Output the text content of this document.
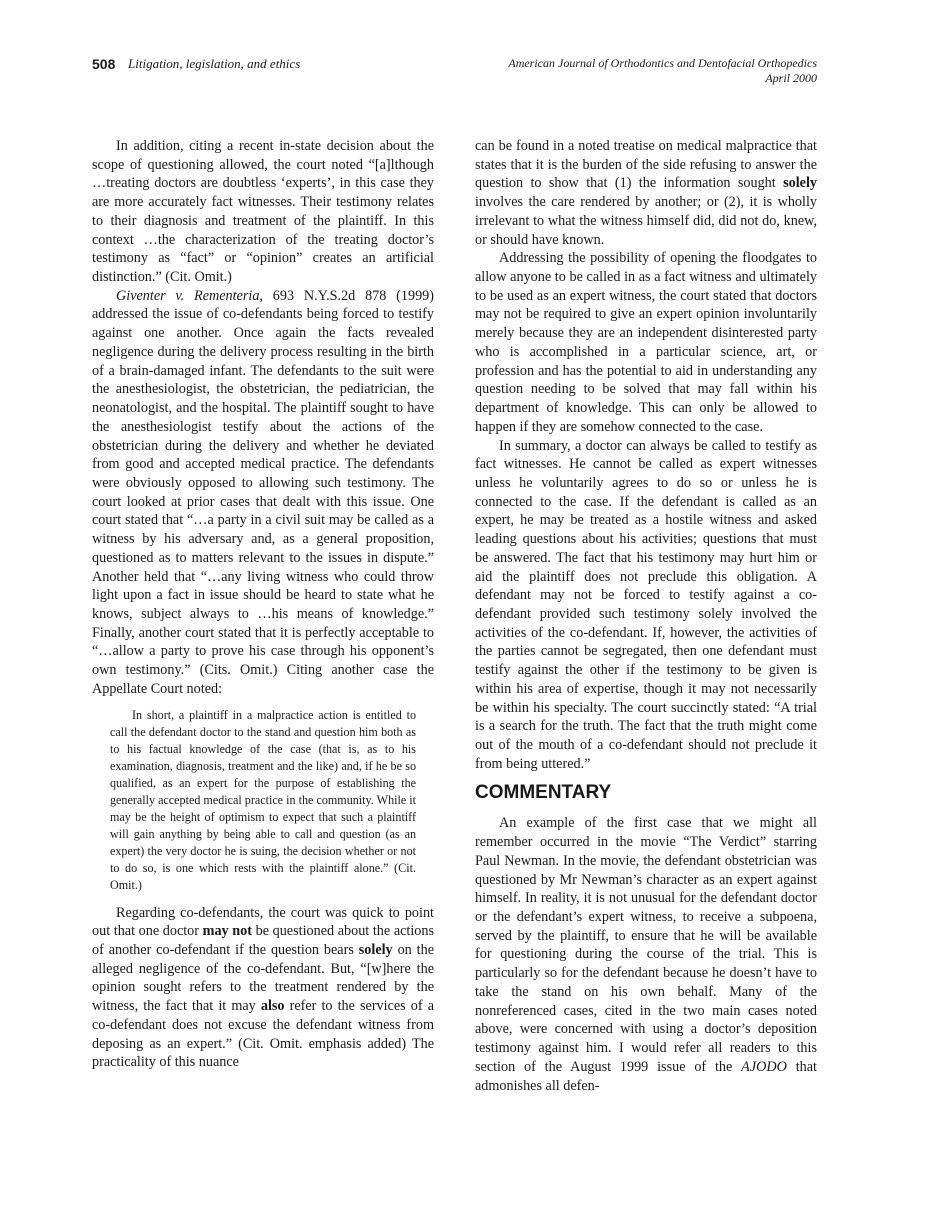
508 Litigation, legislation, and ethics	American Journal of Orthodontics and Dentofacial Orthopedics
April 2000

In addition, citing a recent in-state decision about the scope of questioning allowed, the court noted “[a]lthough …treating doctors are doubtless ‘experts’, in this case they are more accurately fact witnesses. Their testimony relates to their diagnosis and treatment of the plaintiff. In this context …the characterization of the treating doctor’s testimony as “fact” or “opinion” creates an artificial distinction.” (Cit. Omit.)

Giventer v. Rementeria, 693 N.Y.S.2d 878 (1999) addressed the issue of co-defendants being forced to testify against one another. Once again the facts revealed negligence during the delivery process resulting in the birth of a brain-damaged infant. The defendants to the suit were the anesthesiologist, the obstetrician, the pediatrician, the neonatologist, and the hospital. The plaintiff sought to have the anesthesiologist testify about the actions of the obstetrician during the delivery and whether he deviated from good and accepted medical practice. The defendants were obviously opposed to allowing such testimony. The court looked at prior cases that dealt with this issue. One court stated that “…a party in a civil suit may be called as a witness by his adversary and, as a general proposition, questioned as to matters relevant to the issues in dispute.” Another held that “…any living witness who could throw light upon a fact in issue should be heard to state what he knows, subject always to …his means of knowledge.” Finally, another court stated that it is perfectly acceptable to “…allow a party to prove his case through his opponent’s own testimony.” (Cits. Omit.) Citing another case the Appellate Court noted:

In short, a plaintiff in a malpractice action is entitled to call the defendant doctor to the stand and question him both as to his factual knowledge of the case (that is, as to his examination, diagnosis, treatment and the like) and, if he be so qualified, as an expert for the purpose of establishing the generally accepted medical practice in the community. While it may be the height of optimism to expect that such a plaintiff will gain anything by being able to call and question (as an expert) the very doctor he is suing, the decision whether or not to do so, is one which rests with the plaintiff alone.” (Cit. Omit.)

Regarding co-defendants, the court was quick to point out that one doctor may not be questioned about the actions of another co-defendant if the question bears solely on the alleged negligence of the co-defendant. But, “[w]here the opinion sought refers to the treatment rendered by the witness, the fact that it may also refer to the services of a co-defendant does not excuse the defendant witness from deposing as an expert.” (Cit. Omit. emphasis added) The practicality of this nuance

can be found in a noted treatise on medical malpractice that states that it is the burden of the side refusing to answer the question to show that (1) the information sought solely involves the care rendered by another; or (2), it is wholly irrelevant to what the witness himself did, did not do, knew, or should have known.

Addressing the possibility of opening the floodgates to allow anyone to be called in as a fact witness and ultimately to be used as an expert witness, the court stated that doctors may not be required to give an expert opinion involuntarily merely because they are an independent disinterested party who is accomplished in a particular science, art, or profession and has the potential to aid in understanding any question needing to be solved that may fall within his department of knowledge. This can only be allowed to happen if they are somehow connected to the case.

In summary, a doctor can always be called to testify as fact witnesses. He cannot be called as expert witnesses unless he voluntarily agrees to do so or unless he is connected to the case. If the defendant is called as an expert, he may be treated as a hostile witness and asked leading questions about his activities; questions that must be answered. The fact that his testimony may hurt him or aid the plaintiff does not preclude this obligation. A defendant may not be forced to testify against a co-defendant provided such testimony solely involved the activities of the co-defendant. If, however, the activities of the parties cannot be segregated, then one defendant must testify against the other if the testimony to be given is within his area of expertise, though it may not necessarily be within his specialty. The court succinctly stated: “A trial is a search for the truth. The fact that the truth might come out of the mouth of a co-defendant should not preclude it from being uttered.”

COMMENTARY

An example of the first case that we might all remember occurred in the movie “The Verdict” starring Paul Newman. In the movie, the defendant obstetrician was questioned by Mr Newman’s character as an expert against himself. In reality, it is not unusual for the defendant doctor or the defendant’s expert witness, to receive a subpoena, served by the plaintiff, to ensure that he will be available for questioning during the course of the trial. This is particularly so for the defendant because he doesn’t have to take the stand on his own behalf. Many of the nonreferenced cases, cited in the two main cases noted above, were concerned with using a doctor’s deposition testimony against him. I would refer all readers to this section of the August 1999 issue of the AJODO that admonishes all defen-
